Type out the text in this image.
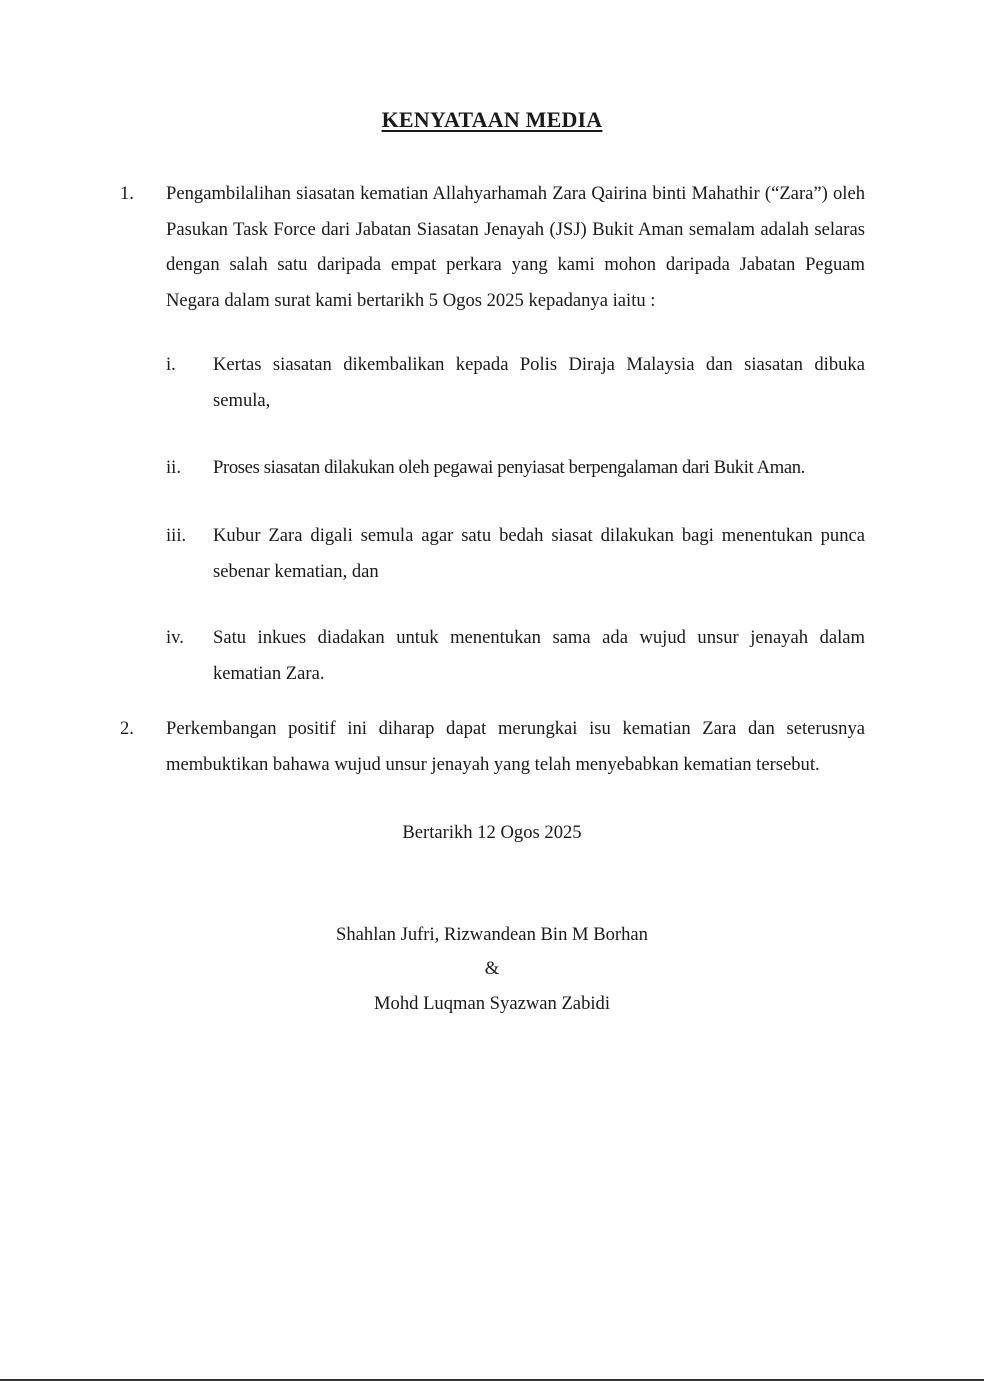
KENYATAAN MEDIA
1. Pengambilalihan siasatan kematian Allahyarhamah Zara Qairina binti Mahathir (“Zara”) oleh Pasukan Task Force dari Jabatan Siasatan Jenayah (JSJ) Bukit Aman semalam adalah selaras dengan salah satu daripada empat perkara yang kami mohon daripada Jabatan Peguam Negara dalam surat kami bertarikh 5 Ogos 2025 kepadanya iaitu :
i. Kertas siasatan dikembalikan kepada Polis Diraja Malaysia dan siasatan dibuka semula,
ii. Proses siasatan dilakukan oleh pegawai penyiasat berpengalaman dari Bukit Aman.
iii. Kubur Zara digali semula agar satu bedah siasat dilakukan bagi menentukan punca sebenar kematian, dan
iv. Satu inkues diadakan untuk menentukan sama ada wujud unsur jenayah dalam kematian Zara.
2. Perkembangan positif ini diharap dapat merungkai isu kematian Zara dan seterusnya membuktikan bahawa wujud unsur jenayah yang telah menyebabkan kematian tersebut.
Bertarikh 12 Ogos 2025
Shahlan Jufri, Rizwandean Bin M Borhan
&
Mohd Luqman Syazwan Zabidi
